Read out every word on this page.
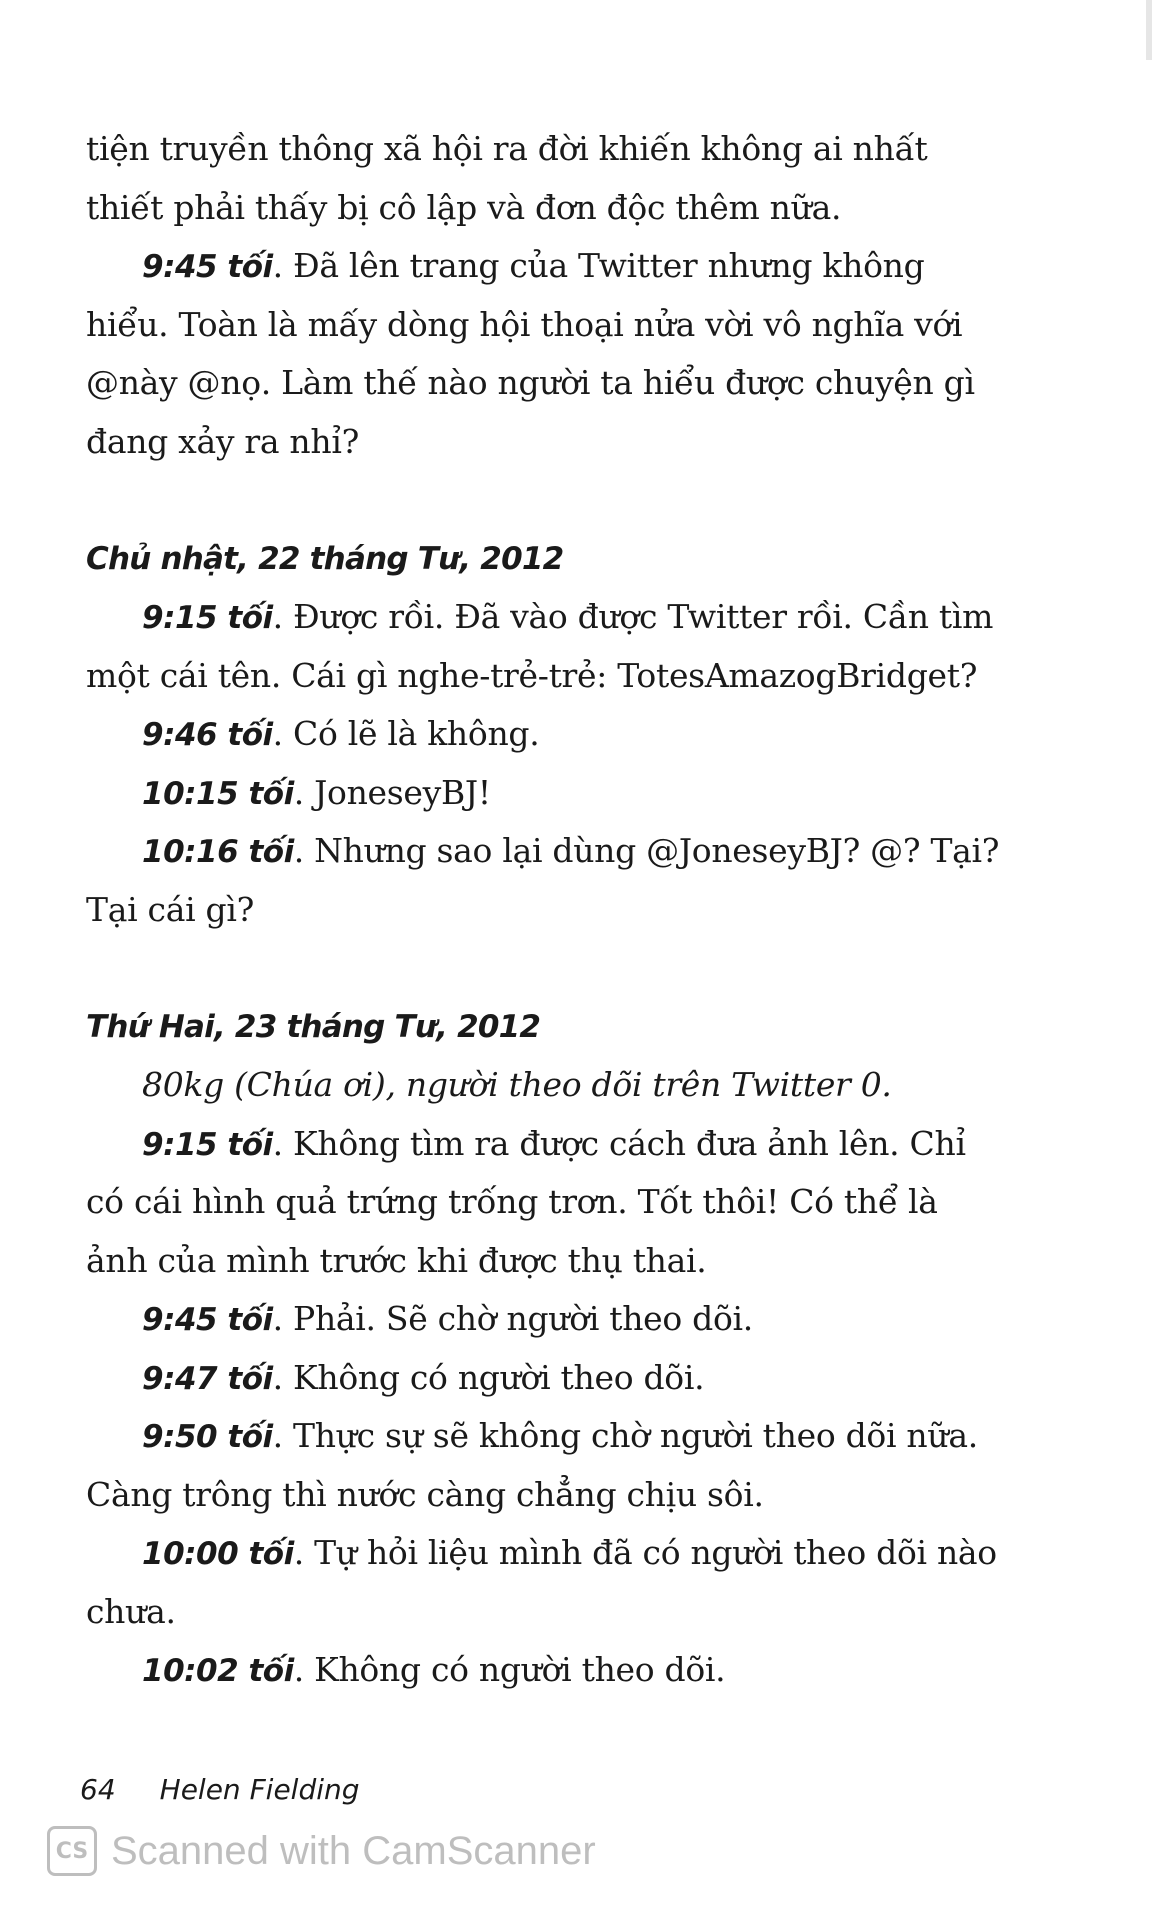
tiện truyền thông xã hội ra đời khiến không ai nhất
thiết phải thấy bị cô lập và đơn độc thêm nữa.
9:45 tối. Đã lên trang của Twitter nhưng không
hiểu. Toàn là mấy dòng hội thoại nửa vời vô nghĩa với
@này @nọ. Làm thế nào người ta hiểu được chuyện gì
đang xảy ra nhỉ?
Chủ nhật, 22 tháng Tư, 2012
9:15 tối. Được rồi. Đã vào được Twitter rồi. Cần tìm
một cái tên. Cái gì nghe-trẻ-trẻ: TotesAmazogBridget?
9:46 tối. Có lẽ là không.
10:15 tối. JoneseyBJ!
10:16 tối. Nhưng sao lại dùng @JoneseyBJ? @? Tại?
Tại cái gì?
Thứ Hai, 23 tháng Tư, 2012
80kg (Chúa ơi), người theo dõi trên Twitter 0.
9:15 tối. Không tìm ra được cách đưa ảnh lên. Chỉ
có cái hình quả trứng trống trơn. Tốt thôi! Có thể là
ảnh của mình trước khi được thụ thai.
9:45 tối. Phải. Sẽ chờ người theo dõi.
9:47 tối. Không có người theo dõi.
9:50 tối. Thực sự sẽ không chờ người theo dõi nữa.
Càng trông thì nước càng chẳng chịu sôi.
10:00 tối. Tự hỏi liệu mình đã có người theo dõi nào
chưa.
10:02 tối. Không có người theo dõi.
64 Helen Fielding
CS Scanned with CamScanner
